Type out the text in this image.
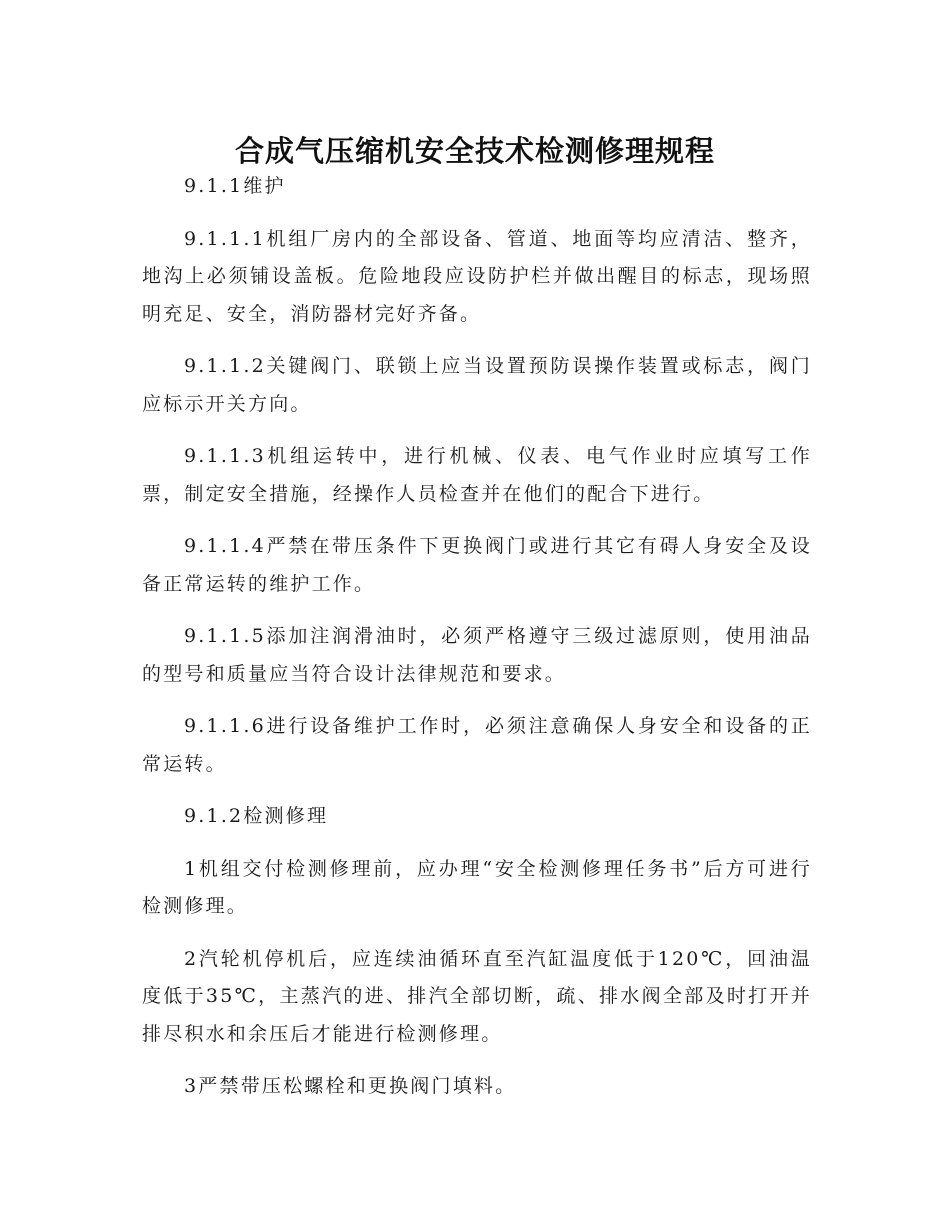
合成气压缩机安全技术检测修理规程

9.1.1维护

9.1.1.1机组厂房内的全部设备、管道、地面等均应清洁、整齐，地沟上必须铺设盖板。危险地段应设防护栏并做出醒目的标志，现场照明充足、安全，消防器材完好齐备。

9.1.1.2关键阀门、联锁上应当设置预防误操作装置或标志，阀门应标示开关方向。

9.1.1.3机组运转中，进行机械、仪表、电气作业时应填写工作票，制定安全措施，经操作人员检查并在他们的配合下进行。

9.1.1.4严禁在带压条件下更换阀门或进行其它有碍人身安全及设备正常运转的维护工作。

9.1.1.5添加注润滑油时，必须严格遵守三级过滤原则，使用油品的型号和质量应当符合设计法律规范和要求。

9.1.1.6进行设备维护工作时，必须注意确保人身安全和设备的正常运转。

9.1.2检测修理

1机组交付检测修理前，应办理“安全检测修理任务书”后方可进行检测修理。

2汽轮机停机后，应连续油循环直至汽缸温度低于120℃，回油温度低于35℃，主蒸汽的进、排汽全部切断，疏、排水阀全部及时打开并排尽积水和余压后才能进行检测修理。

3严禁带压松螺栓和更换阀门填料。
